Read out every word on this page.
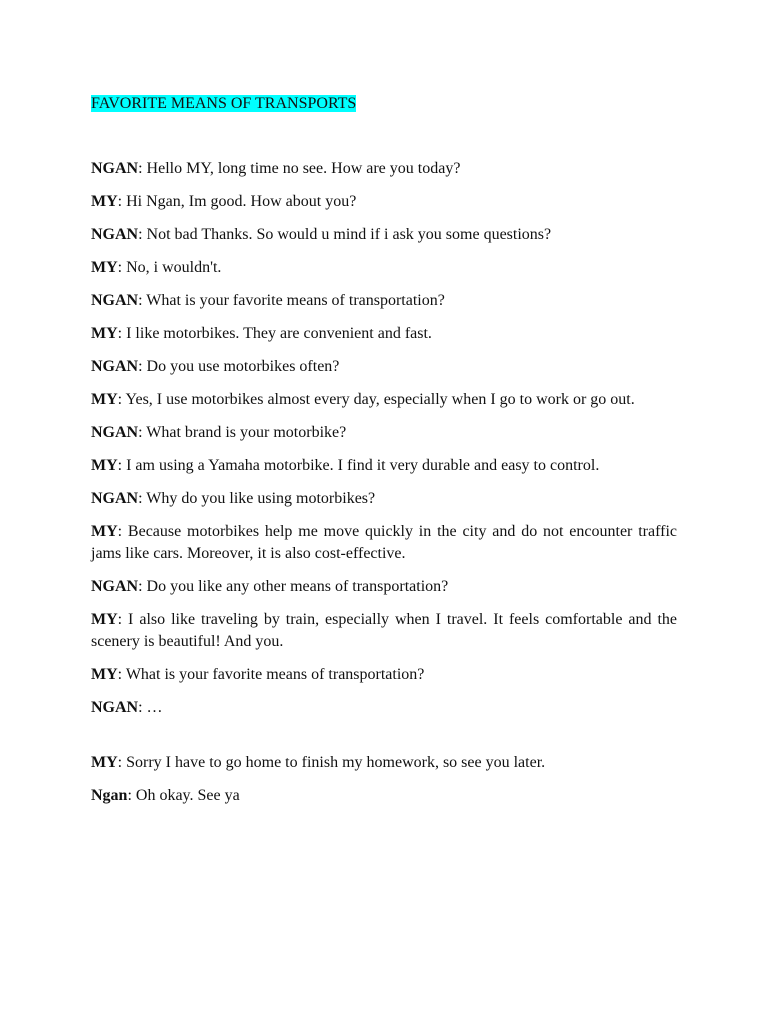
FAVORITE MEANS OF TRANSPORTS

NGAN: Hello MY, long time no see. How are you today?

MY: Hi Ngan, Im good. How about you?

NGAN: Not bad Thanks. So would u mind if i ask you some questions?

MY: No, i wouldn't.

NGAN: What is your favorite means of transportation?

MY: I like motorbikes. They are convenient and fast.

NGAN: Do you use motorbikes often?

MY: Yes, I use motorbikes almost every day, especially when I go to work or go out.

NGAN: What brand is your motorbike?

MY: I am using a Yamaha motorbike. I find it very durable and easy to control.

NGAN: Why do you like using motorbikes?

MY: Because motorbikes help me move quickly in the city and do not encounter traffic jams like cars. Moreover, it is also cost-effective.

NGAN: Do you like any other means of transportation?

MY: I also like traveling by train, especially when I travel. It feels comfortable and the scenery is beautiful! And you.

MY: What is your favorite means of transportation?

NGAN: …

MY: Sorry I have to go home to finish my homework, so see you later.

Ngan: Oh okay. See ya
